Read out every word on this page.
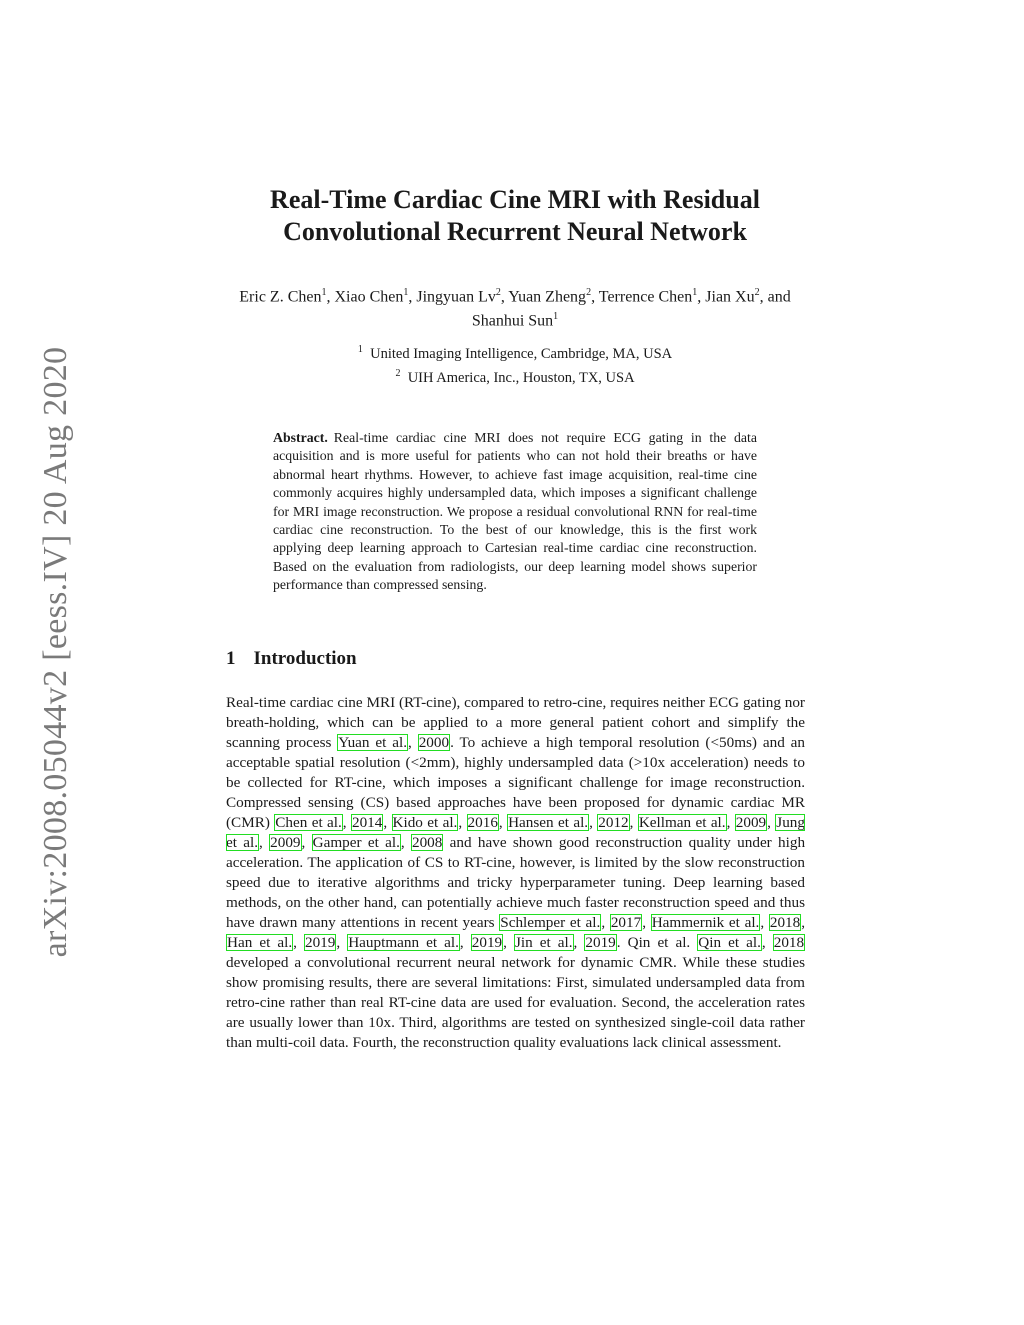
arXiv:2008.05044v2 [eess.IV] 20 Aug 2020
Real-Time Cardiac Cine MRI with Residual
Convolutional Recurrent Neural Network
Eric Z. Chen$^1$, Xiao Chen$^1$, Jingyuan Lv$^2$, Yuan Zheng$^2$, Terrence Chen$^1$, Jian Xu$^2$, and Shanhui Sun$^1$
$^1$ United Imaging Intelligence, Cambridge, MA, USA
$^2$ UIH America, Inc., Houston, TX, USA
Abstract. Real-time cardiac cine MRI does not require ECG gating in the data acquisition and is more useful for patients who can not hold their breaths or have abnormal heart rhythms. However, to achieve fast image acquisition, real-time cine commonly acquires highly undersampled data, which imposes a significant challenge for MRI image reconstruction. We propose a residual convolutional RNN for real-time cardiac cine reconstruction. To the best of our knowledge, this is the first work applying deep learning approach to Cartesian real-time cardiac cine reconstruction. Based on the evaluation from radiologists, our deep learning model shows superior performance than compressed sensing.
1 Introduction
Real-time cardiac cine MRI (RT-cine), compared to retro-cine, requires neither ECG gating nor breath-holding, which can be applied to a more general patient cohort and simplify the scanning process Yuan et al., 2000. To achieve a high temporal resolution (<50ms) and an acceptable spatial resolution (<2mm), highly undersampled data (>10x acceleration) needs to be collected for RT-cine, which imposes a significant challenge for image reconstruction. Compressed sensing (CS) based approaches have been proposed for dynamic cardiac MR (CMR) Chen et al., 2014, Kido et al., 2016, Hansen et al., 2012, Kellman et al., 2009, Jung et al., 2009, Gamper et al., 2008 and have shown good reconstruction quality under high acceleration. The application of CS to RT-cine, however, is limited by the slow reconstruction speed due to iterative algorithms and tricky hyperparameter tuning. Deep learning based methods, on the other hand, can potentially achieve much faster reconstruction speed and thus have drawn many attentions in recent years Schlemper et al., 2017, Hammernik et al., 2018, Han et al., 2019, Hauptmann et al., 2019, Jin et al., 2019. Qin et al. Qin et al., 2018 developed a convolutional recurrent neural network for dynamic CMR. While these studies show promising results, there are several limitations: First, simulated undersampled data from retro-cine rather than real RT-cine data are used for evaluation. Second, the acceleration rates are usually lower than 10x. Third, algorithms are tested on synthesized single-coil data rather than multi-coil data. Fourth, the reconstruction quality evaluations lack clinical assessment.
